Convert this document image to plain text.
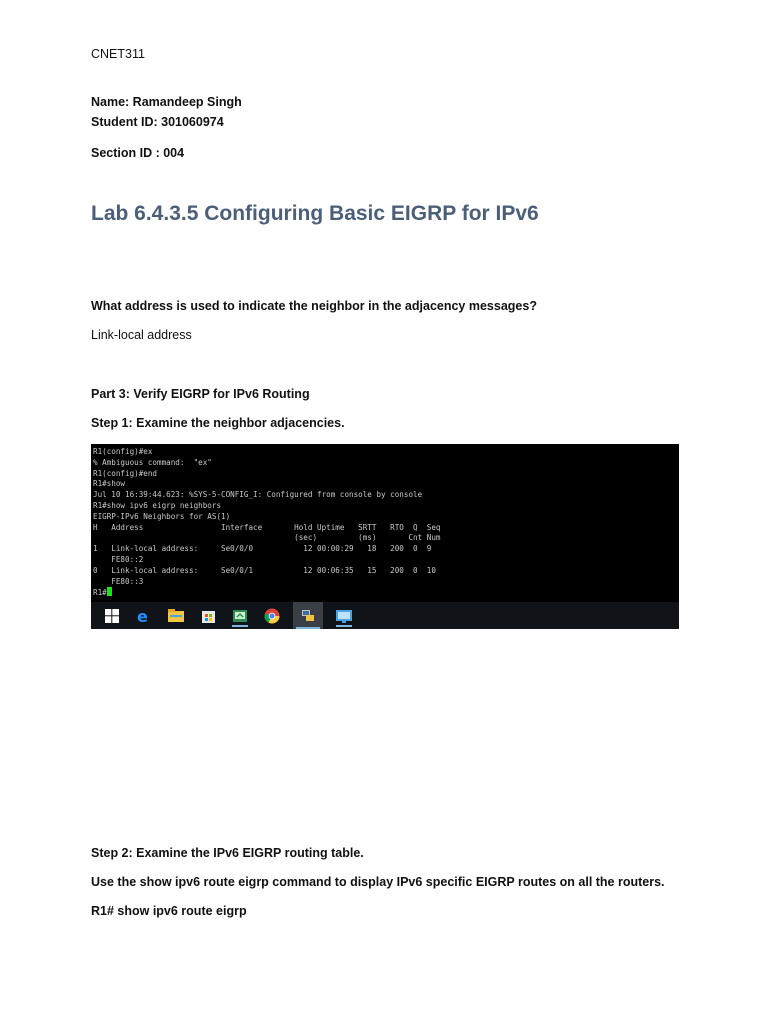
CNET311
Name: Ramandeep Singh
Student ID: 301060974
Section ID : 004
Lab 6.4.3.5 Configuring Basic EIGRP for IPv6
What address is used to indicate the neighbor in the adjacency messages?
Link-local address
Part 3: Verify EIGRP for IPv6 Routing
Step 1: Examine the neighbor adjacencies.
R1(config)#ex
% Ambiguous command:  "ex"
R1(config)#end
R1#show
Jul 10 16:39:44.623: %SYS-5-CONFIG_I: Configured from console by console
R1#show ipv6 eigrp neighbors
EIGRP-IPv6 Neighbors for AS(1)
H   Address                 Interface       Hold Uptime   SRTT   RTO  Q  Seq
(sec)         (ms)       Cnt Num
1   Link-local address:     Se0/0/0           12 00:00:29   18   200  0  9
FE80::2
0   Link-local address:     Se0/0/1           12 00:06:35   15   200  0  10
FE80::3
R1#
e
Step 2: Examine the IPv6 EIGRP routing table.
Use the show ipv6 route eigrp command to display IPv6 specific EIGRP routes on all the routers.
R1# show ipv6 route eigrp
